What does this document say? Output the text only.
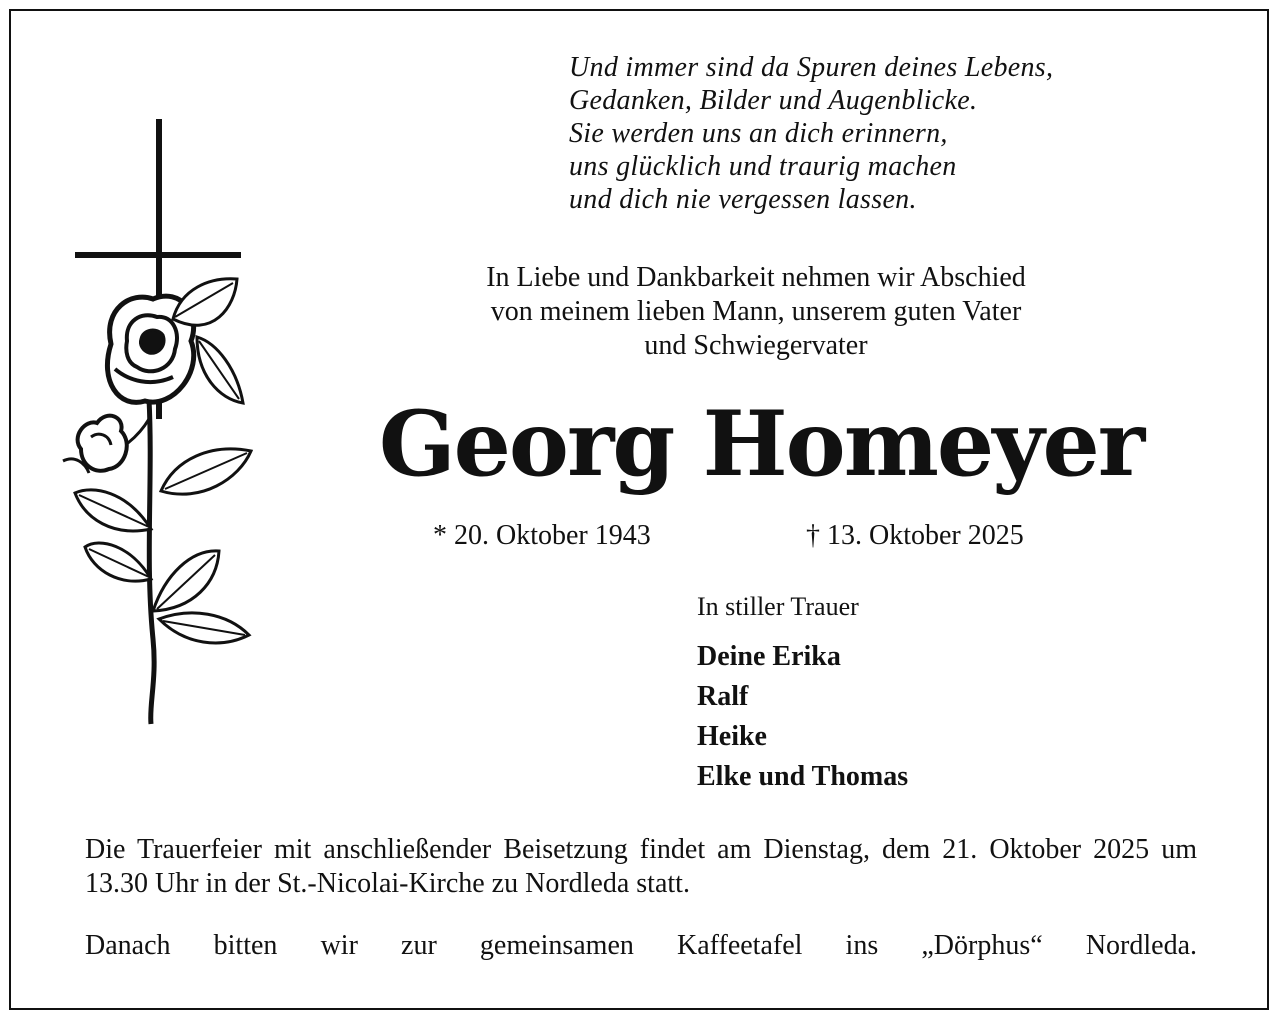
Und immer sind da Spuren deines Lebens,
Gedanken, Bilder und Augenblicke.
Sie werden uns an dich erinnern,
uns glücklich und traurig machen
und dich nie vergessen lassen.
In Liebe und Dankbarkeit nehmen wir Abschied
von meinem lieben Mann, unserem guten Vater
und Schwiegervater
Georg Homeyer
* 20. Oktober 1943	† 13. Oktober 2025
In stiller Trauer
Deine Erika
Ralf
Heike
Elke und Thomas
Die Trauerfeier mit anschließender Beisetzung findet am Dienstag, dem 21. Oktober 2025 um 13.30 Uhr in der St.-Nicolai-Kirche zu Nordleda statt.
Danach bitten wir zur gemeinsamen Kaffeetafel ins „Dörphus“ Nordleda.
